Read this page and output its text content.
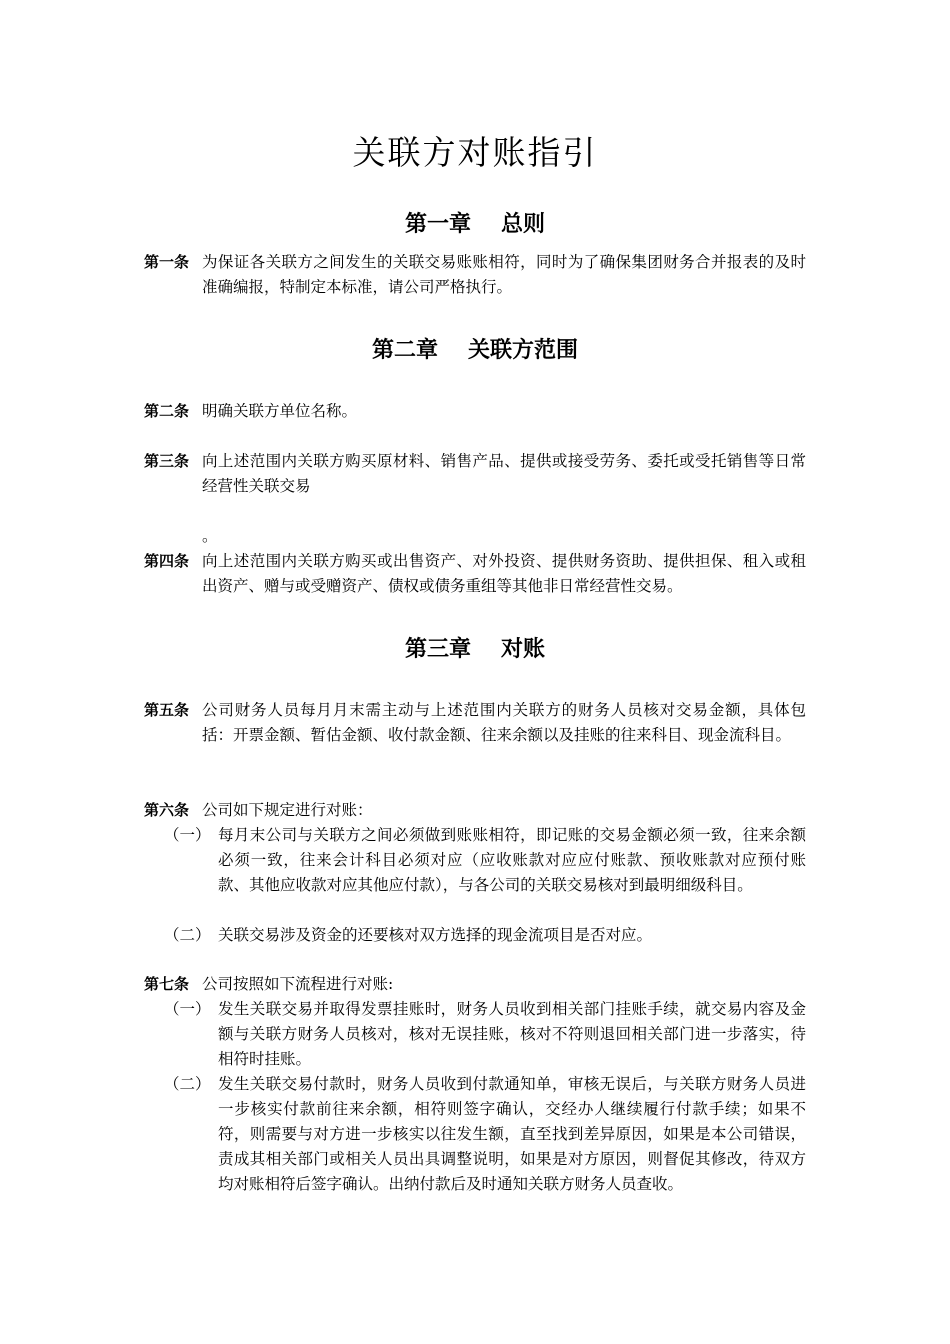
关联方对账指引
第一章 总则
第一条 为保证各关联方之间发生的关联交易账账相符，同时为了确保集团财务合并报表的及时准确编报，特制定本标准，请公司严格执行。
第二章 关联方范围
第二条 明确关联方单位名称。
第三条 向上述范围内关联方购买原材料、销售产品、提供或接受劳务、委托或受托销售等日常经营性关联交易
。
第四条 向上述范围内关联方购买或出售资产、对外投资、提供财务资助、提供担保、租入或租出资产、赠与或受赠资产、债权或债务重组等其他非日常经营性交易。
第三章 对账
第五条 公司财务人员每月月末需主动与上述范围内关联方的财务人员核对交易金额，具体包括：开票金额、暂估金额、收付款金额、往来余额以及挂账的往来科目、现金流科目。
第六条 公司如下规定进行对账：
（一） 每月末公司与关联方之间必须做到账账相符，即记账的交易金额必须一致，往来余额必须一致，往来会计科目必须对应（应收账款对应应付账款、预收账款对应预付账款、其他应收款对应其他应付款），与各公司的关联交易核对到最明细级科目。
（二） 关联交易涉及资金的还要核对双方选择的现金流项目是否对应。
第七条 公司按照如下流程进行对账:
（一） 发生关联交易并取得发票挂账时，财务人员收到相关部门挂账手续，就交易内容及金额与关联方财务人员核对，核对无误挂账，核对不符则退回相关部门进一步落实，待相符时挂账。
（二） 发生关联交易付款时，财务人员收到付款通知单，审核无误后，与关联方财务人员进一步核实付款前往来余额，相符则签字确认，交经办人继续履行付款手续；如果不符，则需要与对方进一步核实以往发生额，直至找到差异原因，如果是本公司错误，责成其相关部门或相关人员出具调整说明，如果是对方原因，则督促其修改，待双方均对账相符后签字确认。出纳付款后及时通知关联方财务人员查收。
